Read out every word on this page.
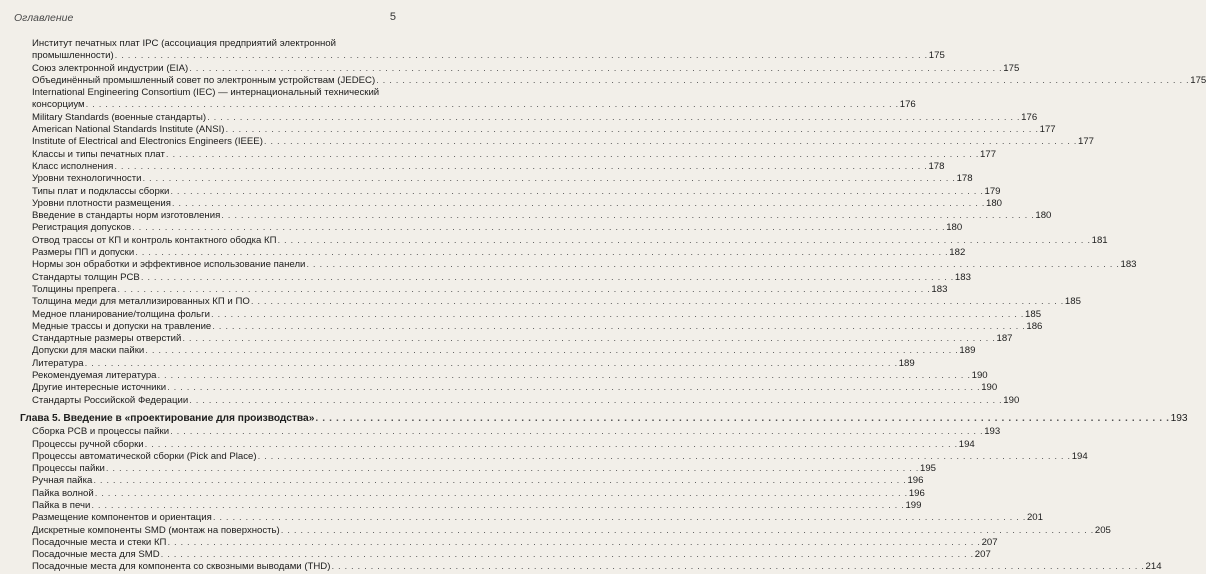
Оглавление	5
Институт печатных плат IPC (ассоциация предприятий электронной
промышленности) . . .	175
Союз электронной индустрии (EIA) . . .	175
Объединённый промышленный совет по электронным устройствам (JEDEC) . . .	175
International Engineering Consortium (IEC) — интернациональный технический
консорциум . . .	176
Military Standards (военные стандарты) . . .	176
American National Standards Institute (ANSI) . . .	177
Institute of Electrical and Electronics Engineers (IEEE) . . .	177
Классы и типы печатных плат . . .	177
Класс исполнения . . .	178
Уровни технологичности . . .	178
Типы плат и подклассы сборки . . .	179
Уровни плотности размещения . . .	180
Введение в стандарты норм изготовления . . .	180
Регистрация допусков . . .	180
Отвод трассы от КП и контроль контактного ободка КП . . .	181
Размеры ПП и допуски . . .	182
Нормы зон обработки и эффективное использование панели . . .	183
Стандарты толщин PCB . . .	183
Толщины препрега . . .	183
Толщина меди для металлизированных КП и ПО . . .	185
Медное планирование/толщина фольги . . .	185
Медные трассы и допуски на травление . . .	186
Стандартные размеры отверстий . . .	187
Допуски для маски пайки . . .	189
Литература . . .	189
Рекомендуемая литература . . .	190
Другие интересные источники . . .	190
Стандарты Российской Федерации . . .	190
Глава 5. Введение в «проектирование для производства» . . .	193
Сборка PCB и процессы пайки . . .	193
Процессы ручной сборки . . .	194
Процессы автоматической сборки (Pick and Place) . . .	194
Процессы пайки . . .	195
Ручная пайка . . .	196
Пайка волной . . .	196
Пайка в печи . . .	199
Размещение компонентов и ориентация . . .	201
Дискретные компоненты SMD (монтаж на поверхность) . . .	205
Посадочные места и стеки КП . . .	207
Посадочные места для SMD . . .	207
Посадочные места для компонента со сквозными выводами (THD) . . .	214
